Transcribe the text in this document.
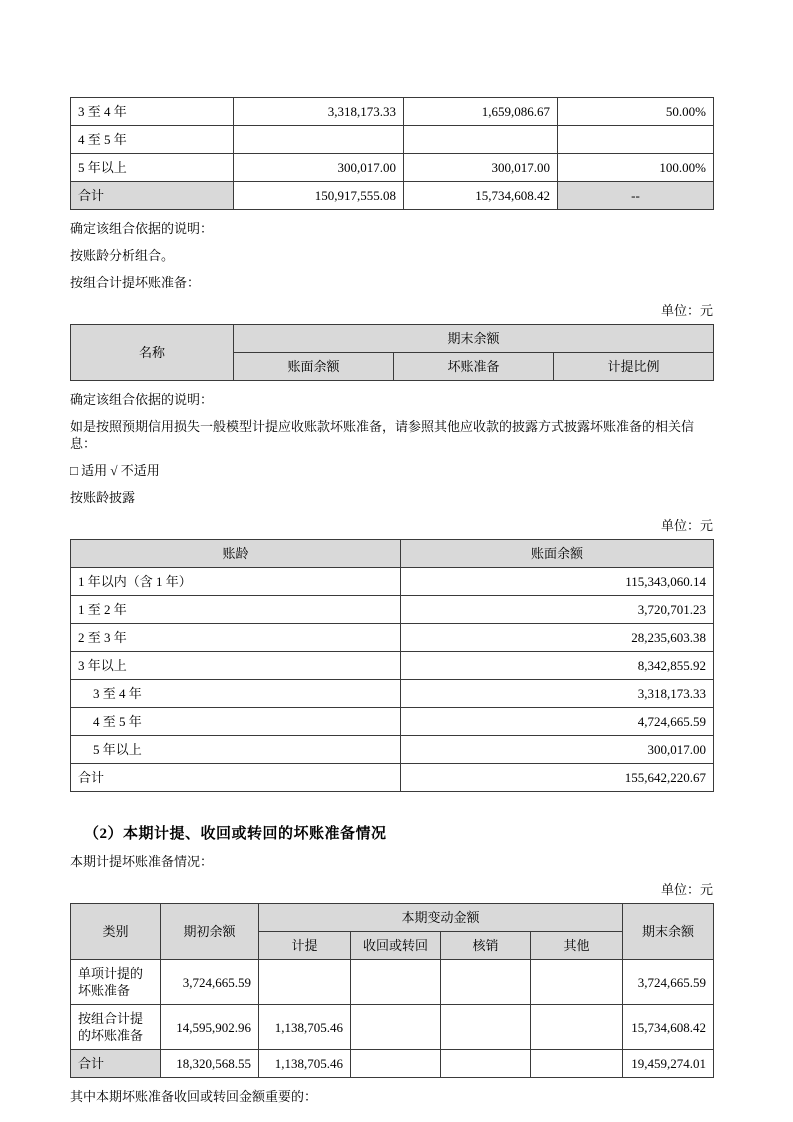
3 至 4 年	3,318,173.33	1,659,086.67	50.00%
4 至 5 年			
5 年以上	300,017.00	300,017.00	100.00%
合计	150,917,555.08	15,734,608.42	--

确定该组合依据的说明：

按账龄分析组合。

按组合计提坏账准备：

单位：元

名称	期末余额		
	账面余额	坏账准备	计提比例

确定该组合依据的说明：

如是按照预期信用损失一般模型计提应收账款坏账准备，请参照其他应收款的披露方式披露坏账准备的相关信息：

□ 适用 √ 不适用

按账龄披露

单位：元

账龄	账面余额
1 年以内（含 1 年）	115,343,060.14
1 至 2 年	3,720,701.23
2 至 3 年	28,235,603.38
3 年以上	8,342,855.92
3 至 4 年	3,318,173.33
4 至 5 年	4,724,665.59
5 年以上	300,017.00
合计	155,642,220.67
（2）本期计提、收回或转回的坏账准备情况

本期计提坏账准备情况：

单位：元

类别	期初余额	本期变动金额				期末余额
		计提	收回或转回	核销	其他	
单项计提的坏账准备	3,724,665.59					3,724,665.59
按组合计提的坏账准备	14,595,902.96	1,138,705.46				15,734,608.42
合计	18,320,568.55	1,138,705.46				19,459,274.01

其中本期坏账准备收回或转回金额重要的：
